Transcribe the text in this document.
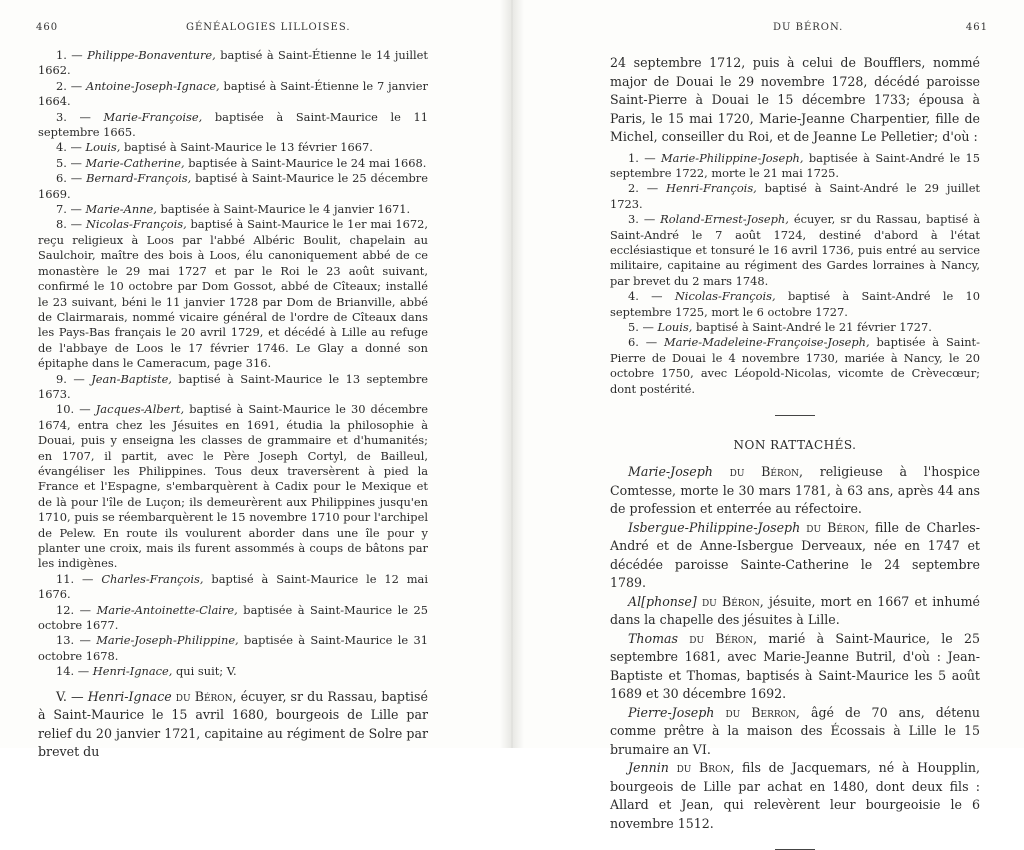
460	GÉNÉALOGIES LILLOISES.

1. — Philippe-Bonaventure, baptisé à Saint-Étienne le 14 juillet 1662.

2. — Antoine-Joseph-Ignace, baptisé à Saint-Étienne le 7 janvier 1664.

3. — Marie-Françoise, baptisée à Saint-Maurice le 11 septembre 1665.

4. — Louis, baptisé à Saint-Maurice le 13 février 1667.

5. — Marie-Catherine, baptisée à Saint-Maurice le 24 mai 1668.

6. — Bernard-François, baptisé à Saint-Maurice le 25 décembre 1669.

7. — Marie-Anne, baptisée à Saint-Maurice le 4 janvier 1671.

8. — Nicolas-François, baptisé à Saint-Maurice le 1er mai 1672, reçu religieux à Loos par l'abbé Albéric Boulit, chapelain au Saulchoir, maître des bois à Loos, élu canoniquement abbé de ce monastère le 29 mai 1727 et par le Roi le 23 août suivant, confirmé le 10 octobre par Dom Gossot, abbé de Cîteaux; installé le 23 suivant, béni le 11 janvier 1728 par Dom de Brianville, abbé de Clairmarais, nommé vicaire général de l'ordre de Cîteaux dans les Pays-Bas français le 20 avril 1729, et décédé à Lille au refuge de l'abbaye de Loos le 17 février 1746. Le Glay a donné son épitaphe dans le Cameracum, page 316.

9. — Jean-Baptiste, baptisé à Saint-Maurice le 13 septembre 1673.

10. — Jacques-Albert, baptisé à Saint-Maurice le 30 décembre 1674, entra chez les Jésuites en 1691, étudia la philosophie à Douai, puis y enseigna les classes de grammaire et d'humanités; en 1707, il partit, avec le Père Joseph Cortyl, de Bailleul, évangéliser les Philippines. Tous deux traversèrent à pied la France et l'Espagne, s'embarquèrent à Cadix pour le Mexique et de là pour l'île de Luçon; ils demeurèrent aux Philippines jusqu'en 1710, puis se réembarquèrent le 15 novembre 1710 pour l'archipel de Pelew. En route ils voulurent aborder dans une île pour y planter une croix, mais ils furent assommés à coups de bâtons par les indigènes.

11. — Charles-François, baptisé à Saint-Maurice le 12 mai 1676.

12. — Marie-Antoinette-Claire, baptisée à Saint-Maurice le 25 octobre 1677.

13. — Marie-Joseph-Philippine, baptisée à Saint-Maurice le 31 octobre 1678.

14. — Henri-Ignace, qui suit; V.

V. — Henri-Ignace du Béron, écuyer, sr du Rassau, baptisé à Saint-Maurice le 15 avril 1680, bourgeois de Lille par relief du 20 janvier 1721, capitaine au régiment de Solre par brevet du

DU BÉRON.	461

24 septembre 1712, puis à celui de Boufflers, nommé major de Douai le 29 novembre 1728, décédé paroisse Saint-Pierre à Douai le 15 décembre 1733; épousa à Paris, le 15 mai 1720, Marie-Jeanne Charpentier, fille de Michel, conseiller du Roi, et de Jeanne Le Pelletier; d'où :

1. — Marie-Philippine-Joseph, baptisée à Saint-André le 15 septembre 1722, morte le 21 mai 1725.

2. — Henri-François, baptisé à Saint-André le 29 juillet 1723.

3. — Roland-Ernest-Joseph, écuyer, sr du Rassau, baptisé à Saint-André le 7 août 1724, destiné d'abord à l'état ecclésiastique et tonsuré le 16 avril 1736, puis entré au service militaire, capitaine au régiment des Gardes lorraines à Nancy, par brevet du 2 mars 1748.

4. — Nicolas-François, baptisé à Saint-André le 10 septembre 1725, mort le 6 octobre 1727.

5. — Louis, baptisé à Saint-André le 21 février 1727.

6. — Marie-Madeleine-Françoise-Joseph, baptisée à Saint-Pierre de Douai le 4 novembre 1730, mariée à Nancy, le 20 octobre 1750, avec Léopold-Nicolas, vicomte de Crèvecœur; dont postérité.

NON RATTACHÉS.

Marie-Joseph du Béron, religieuse à l'hospice Comtesse, morte le 30 mars 1781, à 63 ans, après 44 ans de profession et enterrée au réfectoire.

Isbergue-Philippine-Joseph du Béron, fille de Charles-André et de Anne-Isbergue Derveaux, née en 1747 et décédée paroisse Sainte-Catherine le 24 septembre 1789.

Al[phonse] du Béron, jésuite, mort en 1667 et inhumé dans la chapelle des jésuites à Lille.

Thomas du Béron, marié à Saint-Maurice, le 25 septembre 1681, avec Marie-Jeanne Butril, d'où : Jean-Baptiste et Thomas, baptisés à Saint-Maurice les 5 août 1689 et 30 décembre 1692.

Pierre-Joseph du Berron, âgé de 70 ans, détenu comme prêtre à la maison des Écossais à Lille le 15 brumaire an VI.

Jennin du Bron, fils de Jacquemars, né à Houpplin, bourgeois de Lille par achat en 1480, dont deux fils : Allard et Jean, qui relevèrent leur bourgeoisie le 6 novembre 1512.
